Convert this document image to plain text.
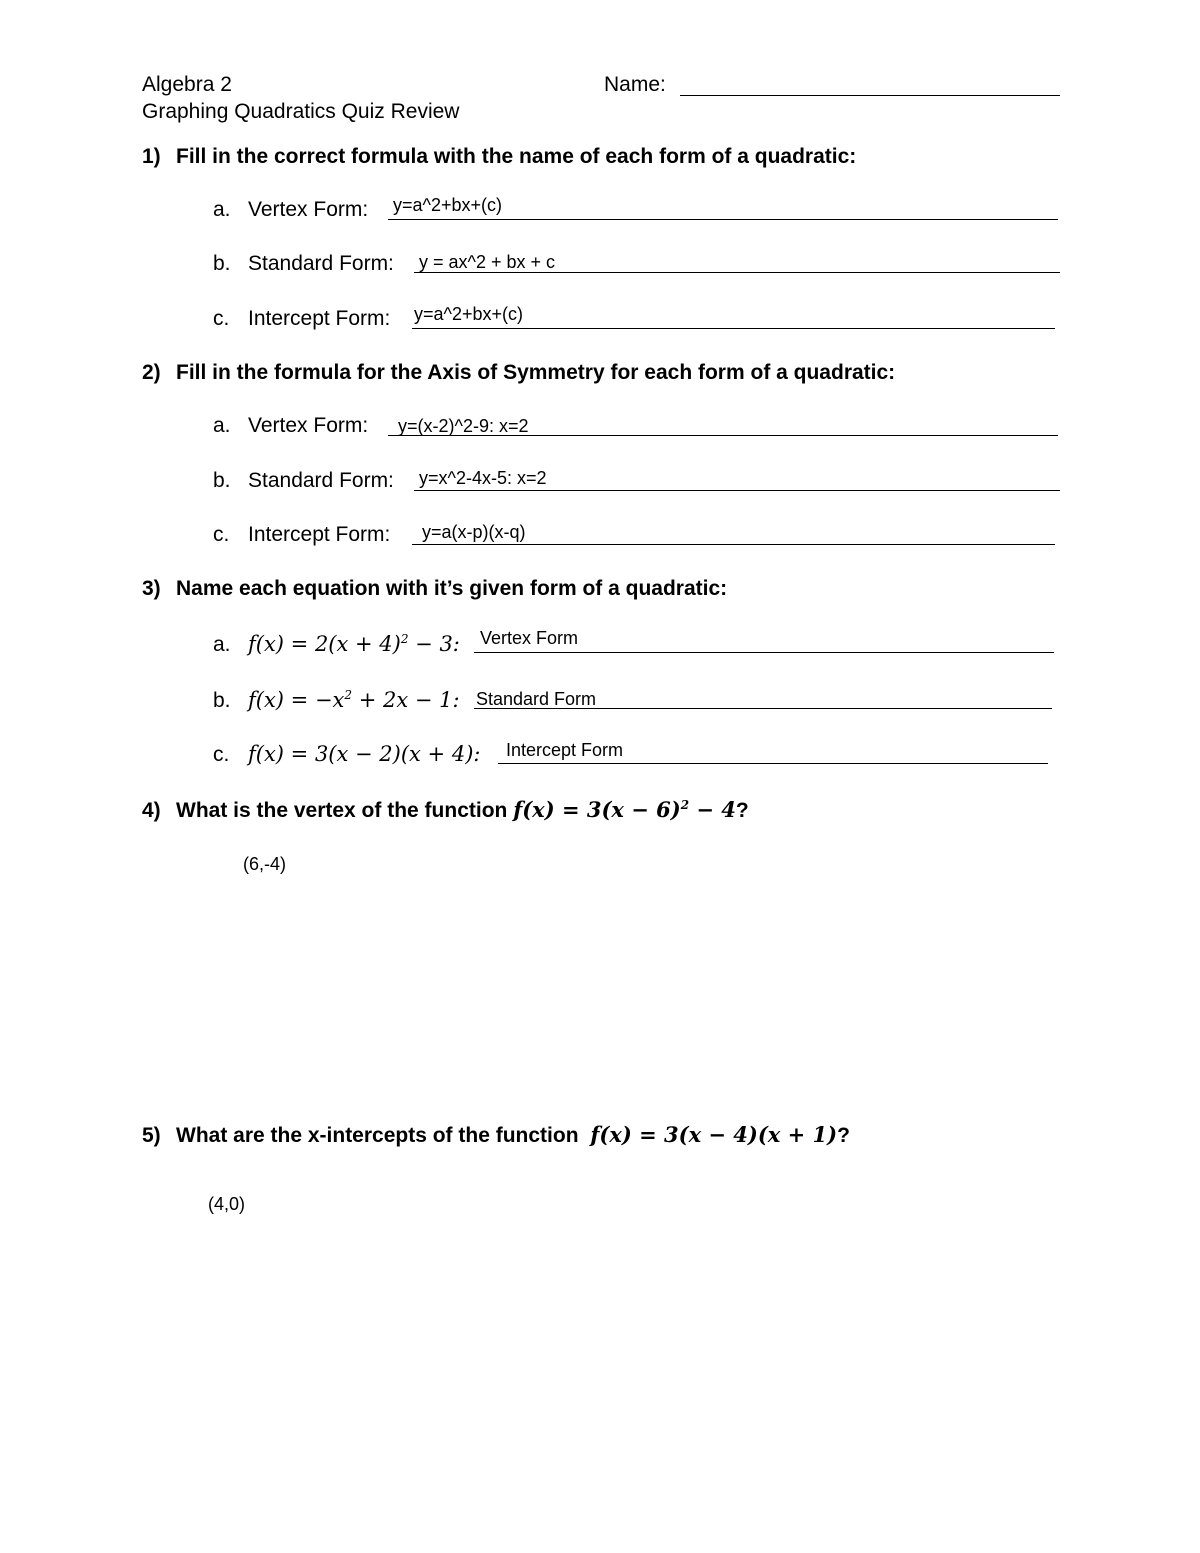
Algebra 2
Graphing Quadratics Quiz Review
Name:
1) Fill in the correct formula with the name of each form of a quadratic:
a. Vertex Form: y=a^2+bx+(c)
b. Standard Form: y = ax^2 + bx + c
c. Intercept Form: y=a^2+bx+(c)
2) Fill in the formula for the Axis of Symmetry for each form of a quadratic:
a. Vertex Form: y=(x-2)^2-9: x=2
b. Standard Form: y=x^2-4x-5: x=2
c. Intercept Form: y=a(x-p)(x-q)
3) Name each equation with it’s given form of a quadratic:
a. $f(x) = 2(x + 4)^2 - 3$: Vertex Form
b. $f(x) = -x^2 + 2x - 1$: Standard Form
c. f(x) = 3(x − 2)(x + 4): Intercept Form
4) What is the vertex of the function $f(x) = 3(x - 6)^2 - 4$?
(6,-4)
5) What are the x-intercepts of the function f(x) = 3(x − 4)(x + 1)?
(4,0)
